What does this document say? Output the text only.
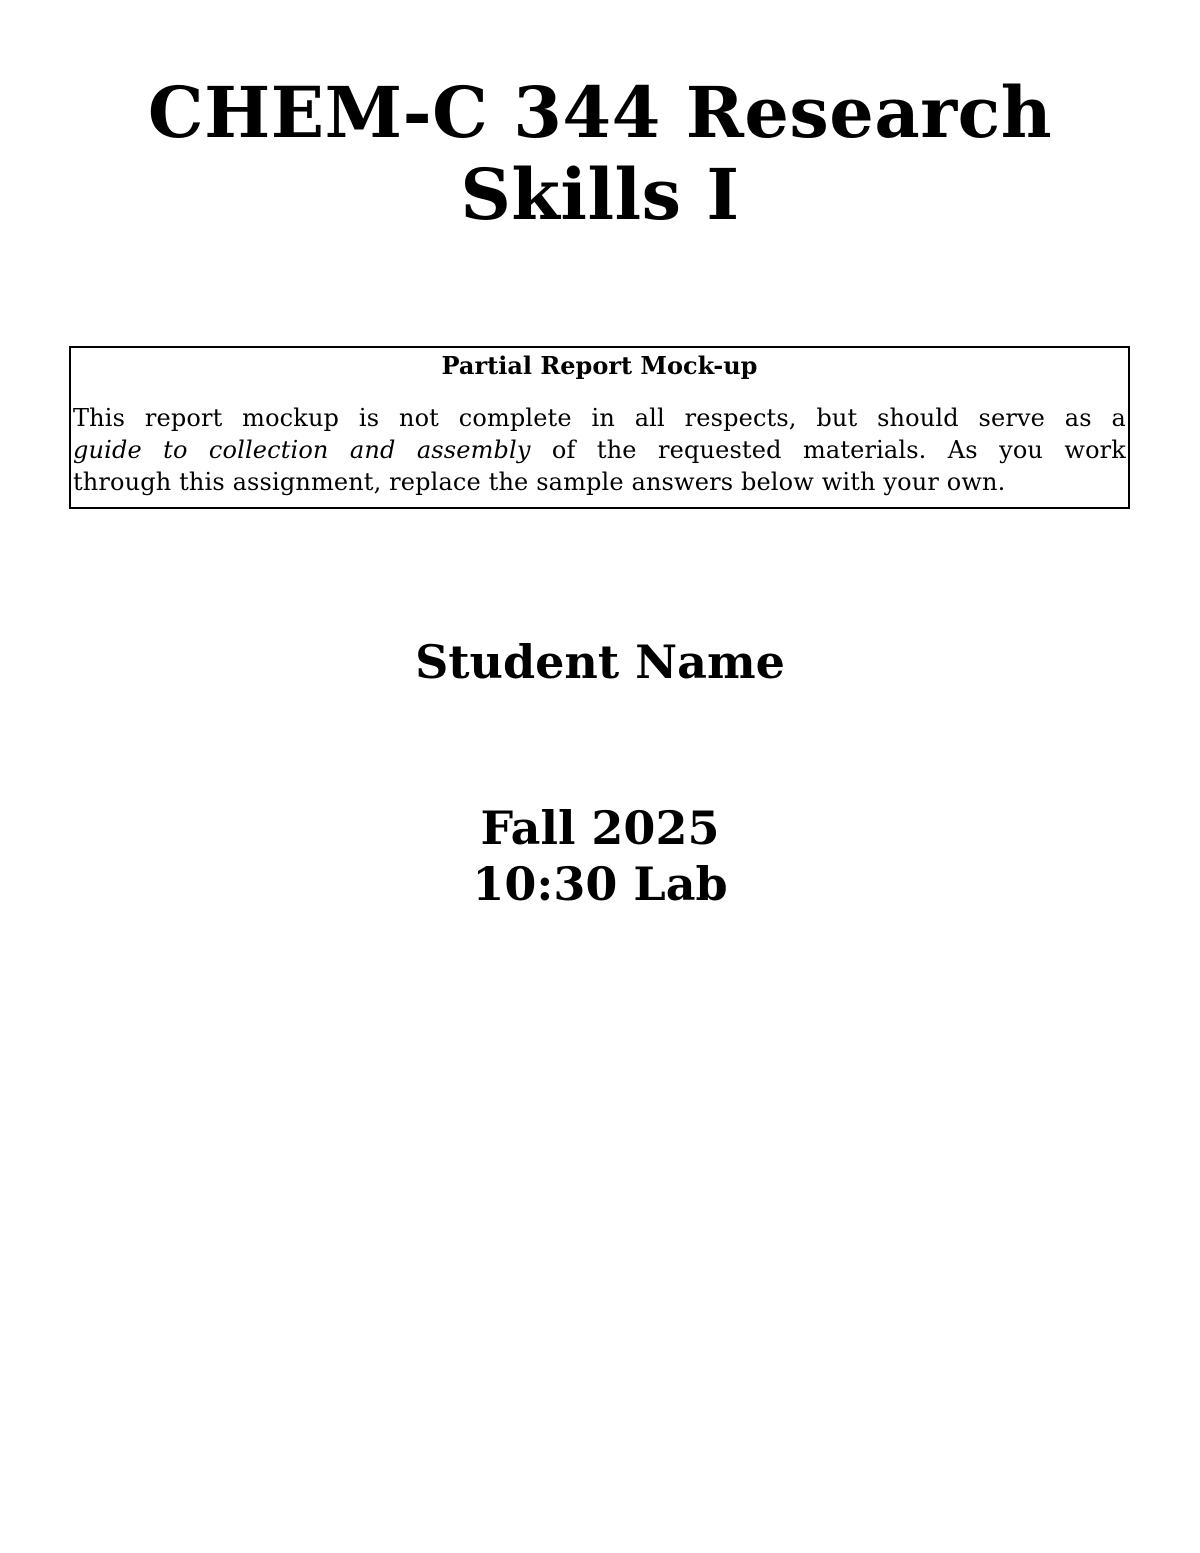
CHEM-C 344 Research
Skills I
Partial Report Mock-up
This report mockup is not complete in all respects, but should serve as a
guide to collection and assembly of the requested materials. As you work
through this assignment, replace the sample answers below with your own.
Student Name
Fall 2025
10:30 Lab
